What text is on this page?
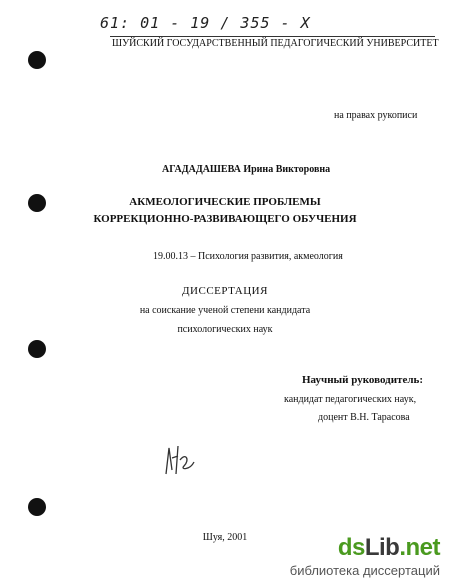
61: 01 - 19 / 355 - X
ШУЙСКИЙ ГОСУДАРСТВЕННЫЙ ПЕДАГОГИЧЕСКИЙ УНИВЕРСИТЕТ
на правах рукописи
АГАДАДАШЕВА Ирина Викторовна
АКМЕОЛОГИЧЕСКИЕ ПРОБЛЕМЫ
КОРРЕКЦИОННО-РАЗВИВАЮЩЕГО ОБУЧЕНИЯ
19.00.13 – Психология развития, акмеология
ДИССЕРТАЦИЯ
на соискание ученой степени кандидата
психологических наук
Научный руководитель:
кандидат педагогических наук,
доцент В.Н. Тарасова
Шуя, 2001	dsLib.net
библиотека диссертаций
